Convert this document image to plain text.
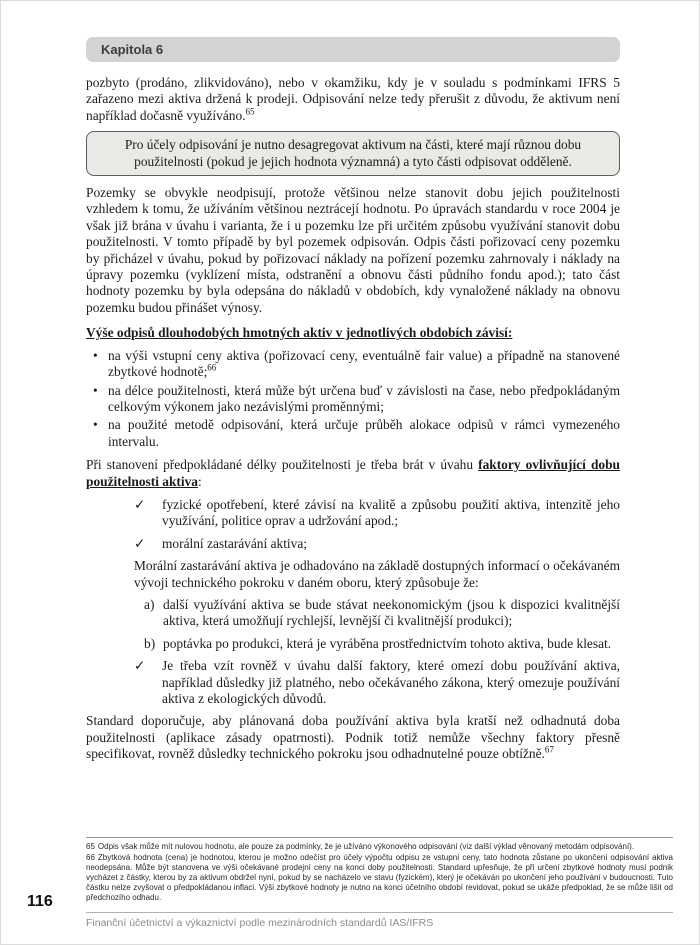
Kapitola 6

pozbyto (prodáno, zlikvidováno), nebo v okamžiku, kdy je v souladu s podmínkami IFRS 5 zařazeno mezi aktiva držená k prodeji. Odpisování nelze tedy přerušit z důvodu, že aktivum není například dočasně využíváno.$^{65}$

Pro účely odpisování je nutno desagregovat aktivum na části, které mají různou dobu použitelnosti (pokud je jejich hodnota významná) a tyto části odpisovat odděleně.

Pozemky se obvykle neodpisují, protože většinou nelze stanovit dobu jejich použitelnosti vzhledem k tomu, že užíváním většinou neztrácejí hodnotu. Po úpravách standardu v roce 2004 je však již brána v úvahu i varianta, že i u pozemku lze při určitém způsobu využívání stanovit dobu použitelnosti. V tomto případě by byl pozemek odpisován. Odpis části pořizovací ceny pozemku by přicházel v úvahu, pokud by pořizovací náklady na pořízení pozemku zahrnovaly i náklady na úpravy pozemku (vyklízení místa, odstranění a obnovu části půdního fondu apod.); tato část hodnoty pozemku by byla odepsána do nákladů v obdobích, kdy vynaložené náklady na obnovu pozemku budou přinášet výnosy.

Výše odpisů dlouhodobých hmotných aktiv v jednotlivých obdobích závisí:

• na výši vstupní ceny aktiva (pořizovací ceny, eventuálně fair value) a případně na stanovené zbytkové hodnotě;$^{66}$
• na délce použitelnosti, která může být určena buď v závislosti na čase, nebo předpokládaným celkovým výkonem jako nezávislými proměnnými;
• na použité metodě odpisování, která určuje průběh alokace odpisů v rámci vymezeného intervalu.

Při stanovení předpokládané délky použitelnosti je třeba brát v úvahu faktory ovlivňující dobu použitelnosti aktiva:

✓	fyzické opotřebení, které závisí na kvalitě a způsobu použití aktiva, intenzitě jeho využívání, politice oprav a udržování apod.;
✓	morální zastarávání aktiva;

Morální zastarávání aktiva je odhadováno na základě dostupných informací o očekávaném vývoji technického pokroku v daném oboru, který způsobuje že:

a) další využívání aktiva se bude stávat neekonomickým (jsou k dispozici kvalitnější aktiva, která umožňují rychlejší, levnější či kvalitnější produkci);
b) poptávka po produkci, která je vyráběna prostřednictvím tohoto aktiva, bude klesat.
✓	Je třeba vzít rovněž v úvahu další faktory, které omezí dobu používání aktiva, například důsledky již platného, nebo očekávaného zákona, který omezuje používání aktiva z ekologických důvodů.

Standard doporučuje, aby plánovaná doba používání aktiva byla kratší než odhadnutá doba použitelnosti (aplikace zásady opatrnosti). Podnik totiž nemůže všechny faktory přesně specifikovat, rovněž důsledky technického pokroku jsou odhadnutelné pouze obtížně.$^{67}$

65 Odpis však může mít nulovou hodnotu, ale pouze za podmínky, že je užíváno výkonového odpisování (viz další výklad věnovaný metodám odpisování).

66 Zbytková hodnota (cena) je hodnotou, kterou je možno odečíst pro účely výpočtu odpisu ze vstupní ceny, tato hodnota zůstane po ukončení odpisování aktiva neodepsána. Může být stanovena ve výši očekávané prodejní ceny na konci doby použitelnosti. Standard upřesňuje, že při určení zbytkové hodnoty musí podnik vycházet z částky, kterou by za aktivum obdržel nyní, pokud by se nacházelo ve stavu (fyzickém), který je očekáván po ukončení jeho používání v budoucnosti. Tuto částku nelze zvyšovat o předpokládanou inflaci. Výši zbytkové hodnoty je nutno na konci účetního období revidovat, pokud se ukáže předpoklad, že se může lišit od předchozího odhadu.

116
Finanční účetnictví a výkaznictví podle mezinárodních standardů IAS/IFRS
